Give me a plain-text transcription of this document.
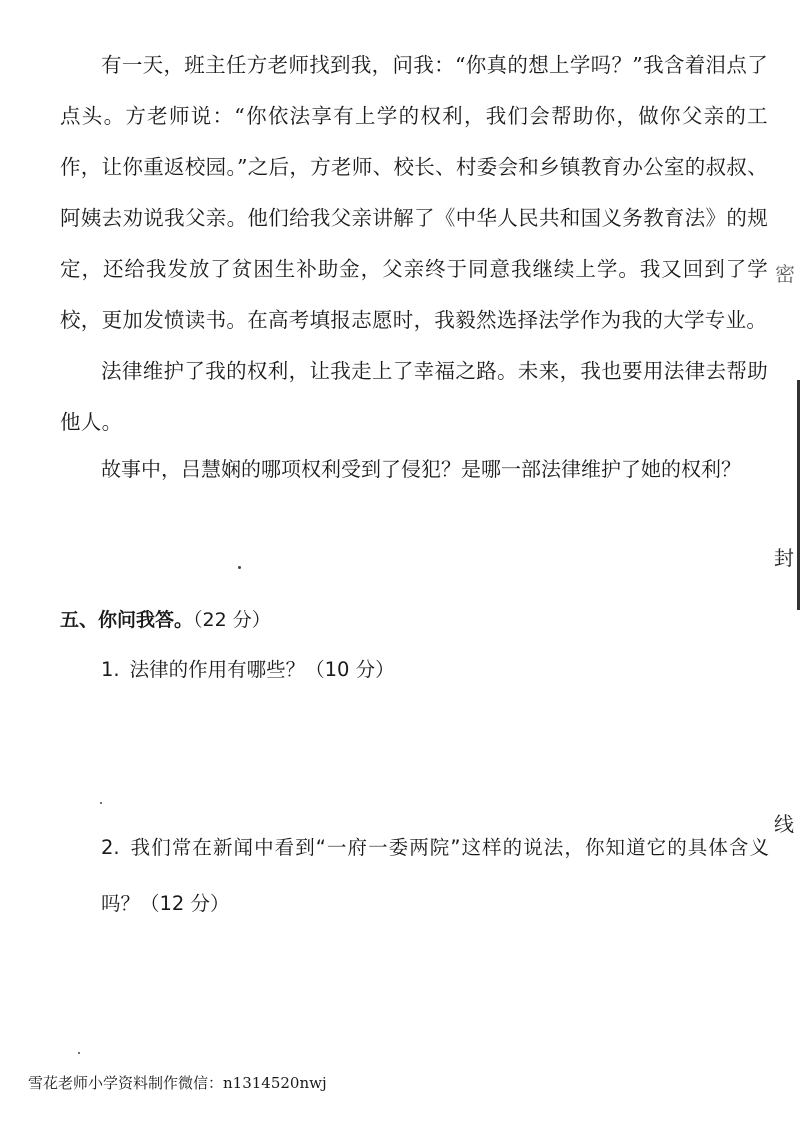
有一天，班主任方老师找到我，问我：“你真的想上学吗？”我含着泪点了点头。方老师说：“你依法享有上学的权利，我们会帮助你，做你父亲的工作，让你重返校园。”之后，方老师、校长、村委会和乡镇教育办公室的叔叔、阿姨去劝说我父亲。他们给我父亲讲解了《中华人民共和国义务教育法》的规定，还给我发放了贫困生补助金，父亲终于同意我继续上学。我又回到了学校，更加发愤读书。在高考填报志愿时，我毅然选择法学作为我的大学专业。

法律维护了我的权利，让我走上了幸福之路。未来，我也要用法律去帮助他人。

故事中，吕慧娴的哪项权利受到了侵犯？是哪一部法律维护了她的权利？

五、你问我答。（22 分）

1. 法律的作用有哪些？（10 分）

2. 我们常在新闻中看到“一府一委两院”这样的说法，你知道它的具体含义吗？（12 分）

密
封
线

雪花老师小学资料制作微信：n1314520nwj
